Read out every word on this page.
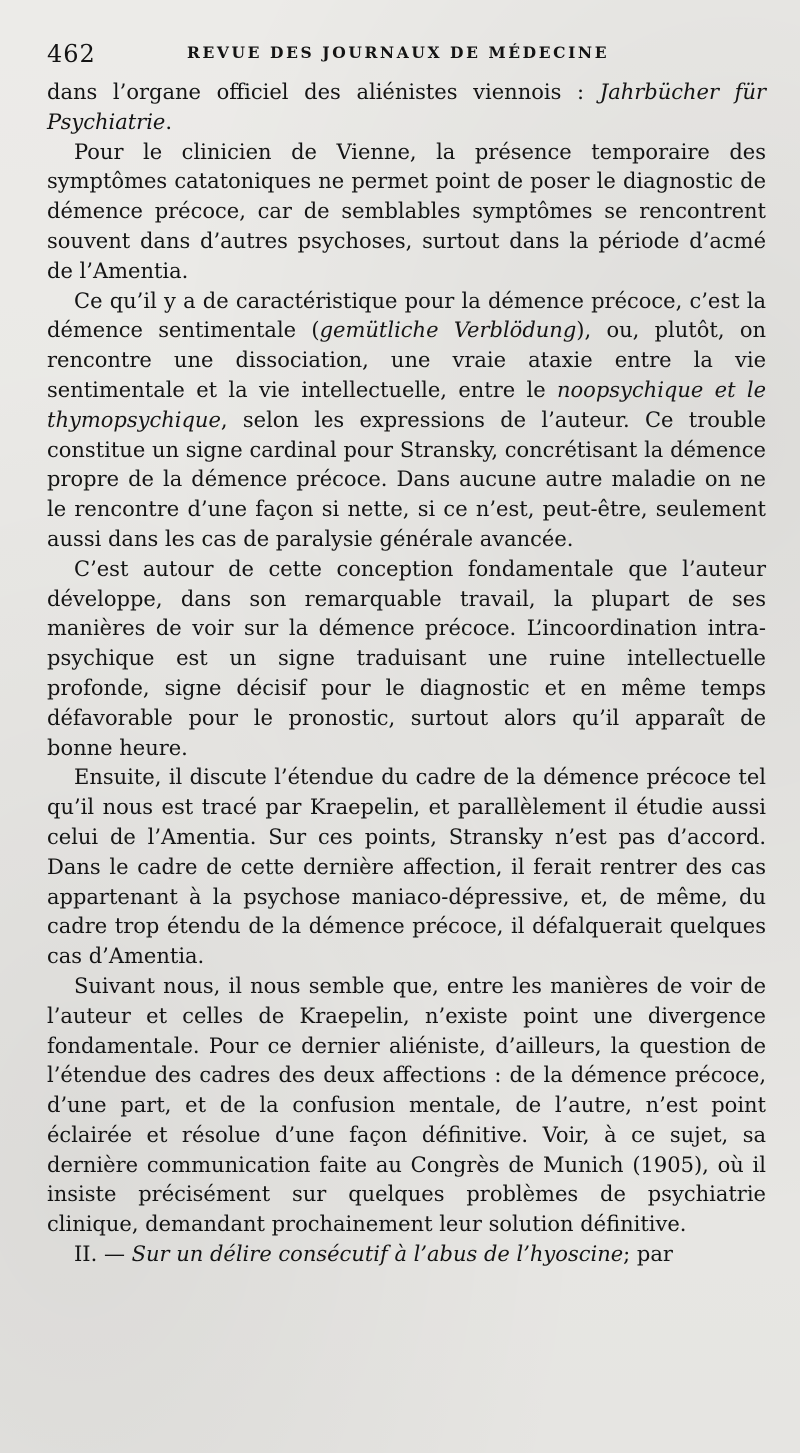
462	REVUE DES JOURNAUX DE MÉDECINE

dans l’organe officiel des aliénistes viennois : Jahrbücher für Psychiatrie.

Pour le clinicien de Vienne, la présence temporaire des symptômes catatoniques ne permet point de poser le diagnostic de démence précoce, car de semblables symptômes se rencontrent souvent dans d’autres psychoses, surtout dans la période d’acmé de l’Amentia.

Ce qu’il y a de caractéristique pour la démence précoce, c’est la démence sentimentale (gemütliche Verblödung), ou, plutôt, on rencontre une dissociation, une vraie ataxie entre la vie sentimentale et la vie intellectuelle, entre le noopsychique et le thymopsychique, selon les expressions de l’auteur. Ce trouble constitue un signe cardinal pour Stransky, concrétisant la démence propre de la démence précoce. Dans aucune autre maladie on ne le rencontre d’une façon si nette, si ce n’est, peut-être, seulement aussi dans les cas de paralysie générale avancée.

C’est autour de cette conception fondamentale que l’auteur développe, dans son remarquable travail, la plupart de ses manières de voir sur la démence précoce. L’incoordination intra-psychique est un signe traduisant une ruine intellectuelle profonde, signe décisif pour le diagnostic et en même temps défavorable pour le pronostic, surtout alors qu’il apparaît de bonne heure.

Ensuite, il discute l’étendue du cadre de la démence précoce tel qu’il nous est tracé par Kraepelin, et parallèlement il étudie aussi celui de l’Amentia. Sur ces points, Stransky n’est pas d’accord. Dans le cadre de cette dernière affection, il ferait rentrer des cas appartenant à la psychose maniaco-dépressive, et, de même, du cadre trop étendu de la démence précoce, il défalquerait quelques cas d’Amentia.

Suivant nous, il nous semble que, entre les manières de voir de l’auteur et celles de Kraepelin, n’existe point une divergence fondamentale. Pour ce dernier aliéniste, d’ailleurs, la question de l’étendue des cadres des deux affections : de la démence précoce, d’une part, et de la confusion mentale, de l’autre, n’est point éclairée et résolue d’une façon définitive. Voir, à ce sujet, sa dernière communication faite au Congrès de Munich (1905), où il insiste précisément sur quelques problèmes de psychiatrie clinique, demandant prochainement leur solution définitive.

II. — Sur un délire consécutif à l’abus de l’hyoscine; par
